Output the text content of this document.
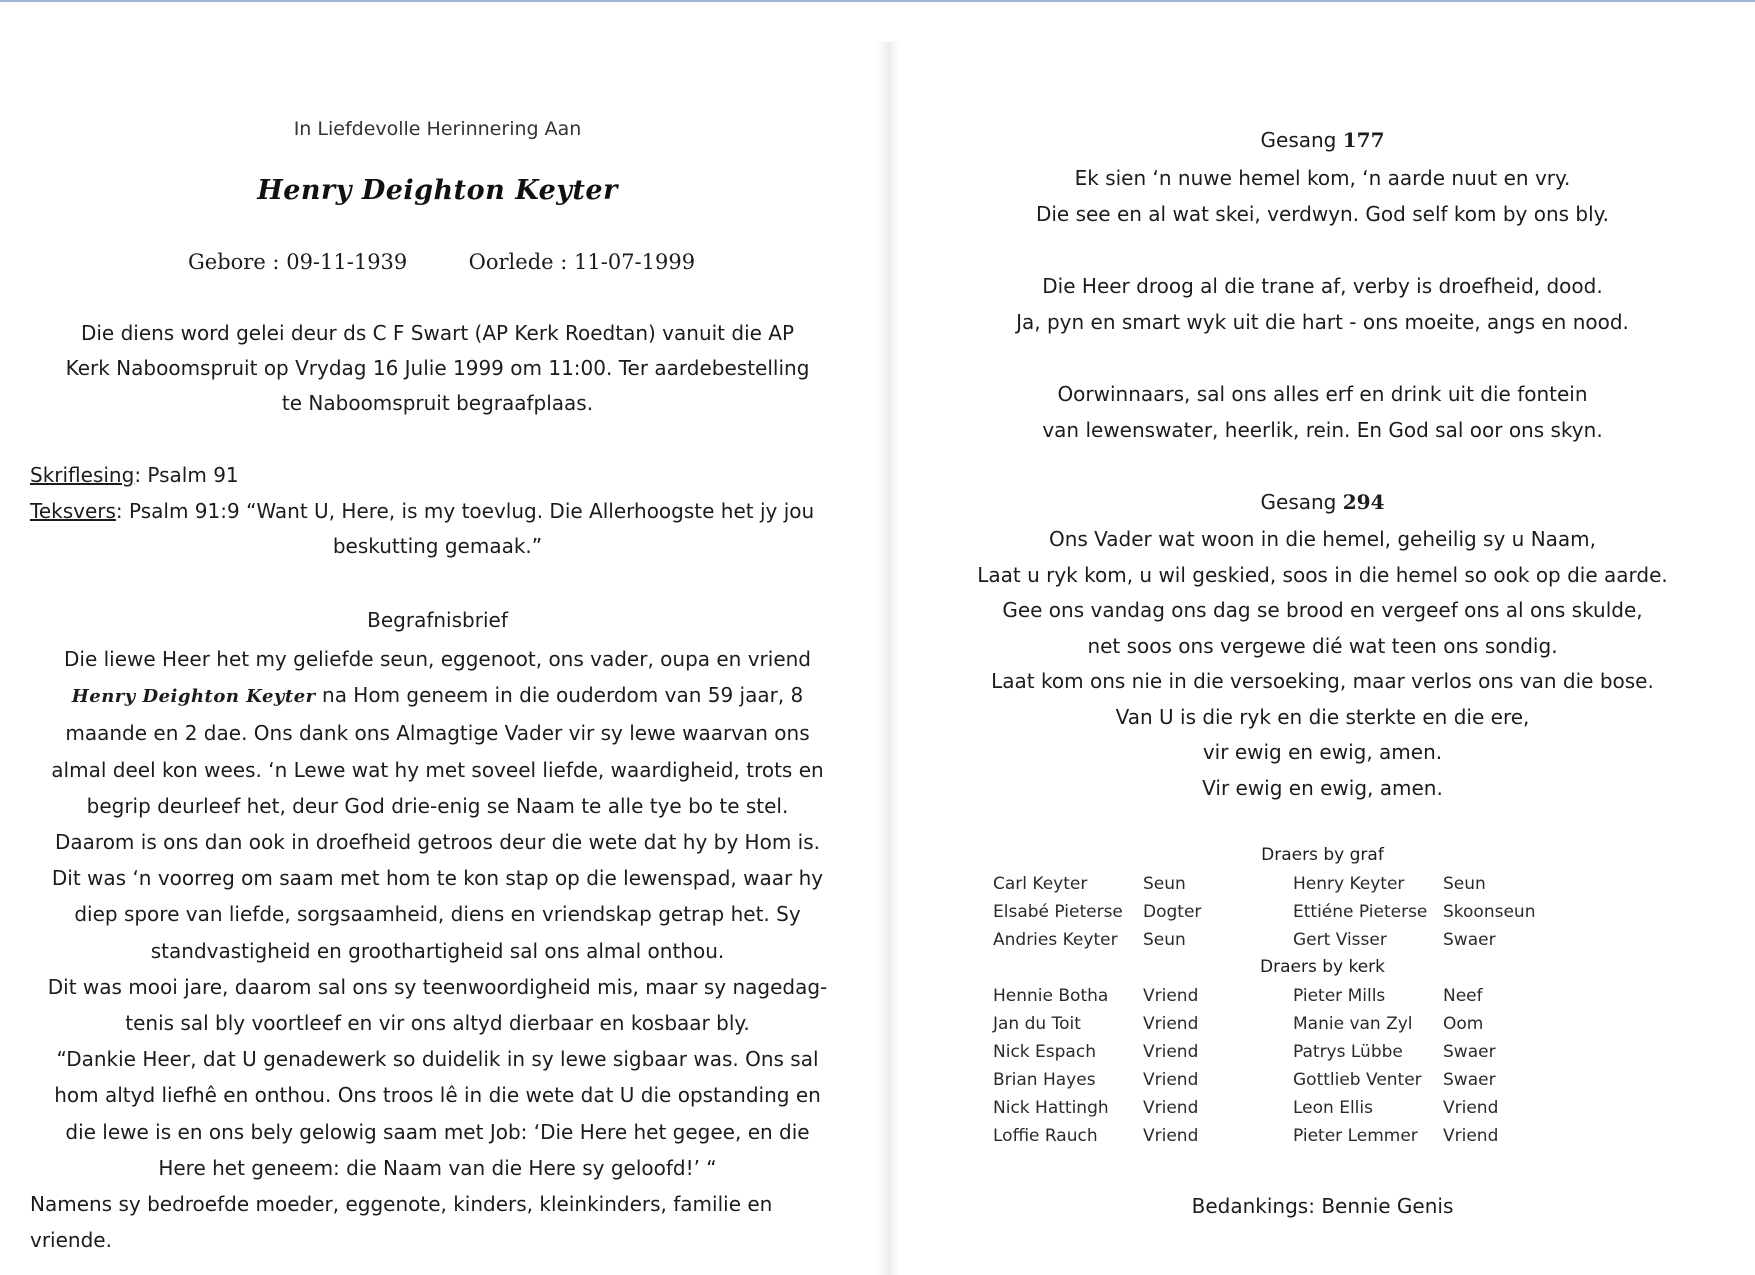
In Liefdevolle Herinnering Aan
Henry Deighton Keyter
Gebore : 09-11-1939	Oorlede : 11-07-1999
Die diens word gelei deur ds C F Swart (AP Kerk Roedtan) vanuit die AP
Kerk Naboomspruit op Vrydag 16 Julie 1999 om 11:00. Ter aardebestelling
te Naboomspruit begraafplaas.
Skriflesing: Psalm 91
Teksvers: Psalm 91:9 “Want U, Here, is my toevlug. Die Allerhoogste het jy jou
beskutting gemaak.”
Begrafnisbrief
Die liewe Heer het my geliefde seun, eggenoot, ons vader, oupa en vriend
Henry Deighton Keyter na Hom geneem in die ouderdom van 59 jaar, 8
maande en 2 dae. Ons dank ons Almagtige Vader vir sy lewe waarvan ons
almal deel kon wees. ‘n Lewe wat hy met soveel liefde, waardigheid, trots en
begrip deurleef het, deur God drie-enig se Naam te alle tye bo te stel.
Daarom is ons dan ook in droefheid getroos deur die wete dat hy by Hom is.
Dit was ‘n voorreg om saam met hom te kon stap op die lewenspad, waar hy
diep spore van liefde, sorgsaamheid, diens en vriendskap getrap het. Sy
standvastigheid en groothartigheid sal ons almal onthou.
Dit was mooi jare, daarom sal ons sy teenwoordigheid mis, maar sy nagedag-
tenis sal bly voortleef en vir ons altyd dierbaar en kosbaar bly.
“Dankie Heer, dat U genadewerk so duidelik in sy lewe sigbaar was. Ons sal
hom altyd liefhê en onthou. Ons troos lê in die wete dat U die opstanding en
die lewe is en ons bely gelowig saam met Job: ‘Die Here het gegee, en die
Here het geneem: die Naam van die Here sy geloofd!’ “
Namens sy bedroefde moeder, eggenote, kinders, kleinkinders, familie en
vriende.
Gesang 177
Ek sien ‘n nuwe hemel kom, ‘n aarde nuut en vry.
Die see en al wat skei, verdwyn. God self kom by ons bly.

Die Heer droog al die trane af, verby is droefheid, dood.
Ja, pyn en smart wyk uit die hart - ons moeite, angs en nood.

Oorwinnaars, sal ons alles erf en drink uit die fontein
van lewenswater, heerlik, rein. En God sal oor ons skyn.
Gesang 294
Ons Vader wat woon in die hemel, geheilig sy u Naam,
Laat u ryk kom, u wil geskied, soos in die hemel so ook op die aarde.
Gee ons vandag ons dag se brood en vergeef ons al ons skulde,
net soos ons vergewe dié wat teen ons sondig.
Laat kom ons nie in die versoeking, maar verlos ons van die bose.
Van U is die ryk en die sterkte en die ere,
vir ewig en ewig, amen.
Vir ewig en ewig, amen.
Draers by graf
Carl Keyter	Seun	Henry Keyter	Seun
Elsabé Pieterse	Dogter	Ettiéne Pieterse	Skoonseun
Andries Keyter	Seun	Gert Visser	Swaer
Draers by kerk
Hennie Botha	Vriend	Pieter Mills	Neef
Jan du Toit	Vriend	Manie van Zyl	Oom
Nick Espach	Vriend	Patrys Lübbe	Swaer
Brian Hayes	Vriend	Gottlieb Venter	Swaer
Nick Hattingh	Vriend	Leon Ellis	Vriend
Loffie Rauch	Vriend	Pieter Lemmer	Vriend
Bedankings: Bennie Genis
